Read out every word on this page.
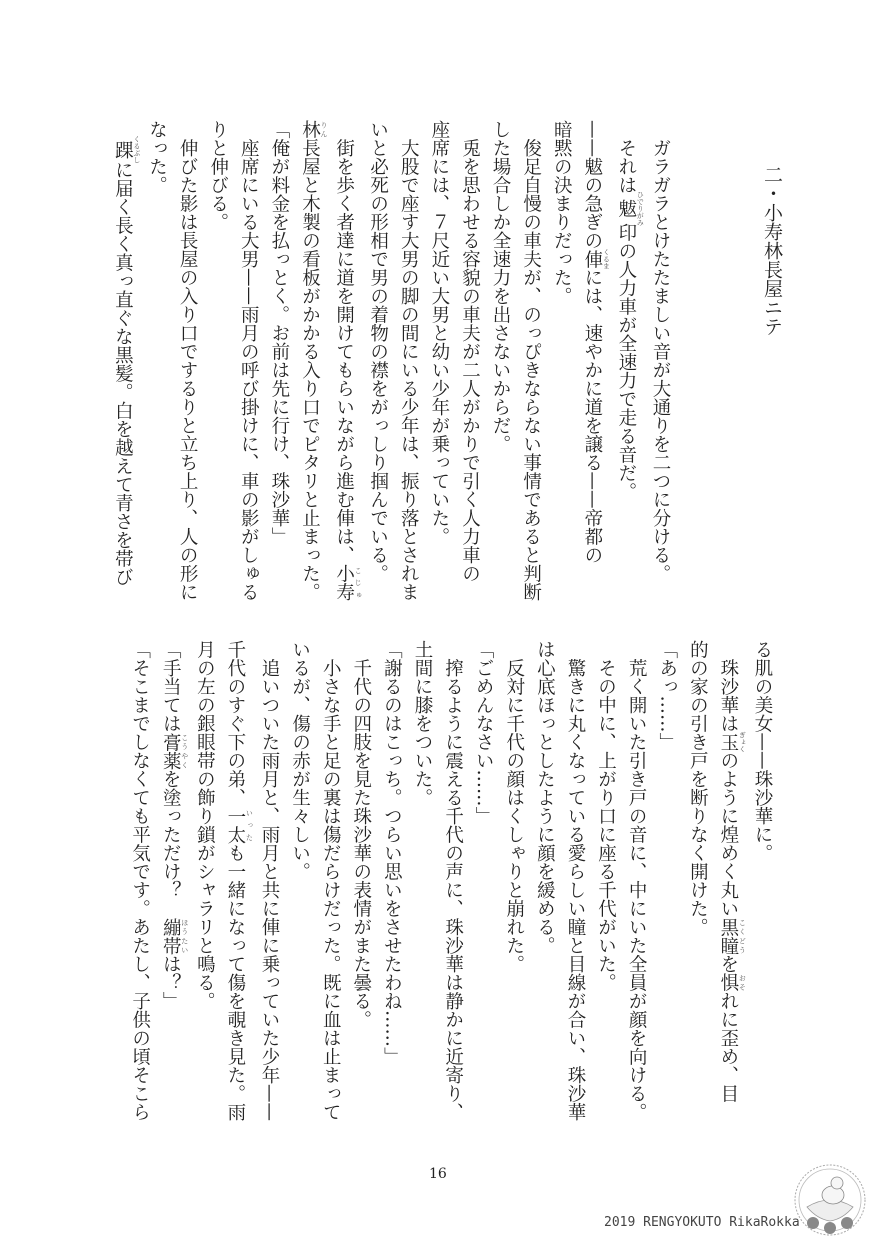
二・小寿林長屋ニテ
　ガラガラとけたたましい音が大通りを二つに分ける。
　それは魃 ひでりがみ印の人力車が全速力で走る音だ。
——魃の急ぎの俥 くるまには、速やかに道を譲る——帝都の
暗黙の決まりだった。
　俊足自慢の車夫が、のっぴきならない事情であると判断
した場合しか全速力を出さないからだ。
　兎を思わせる容貌の車夫が二人がかりで引く人力車の
座席には、７尺近い大男と幼い少年が乗っていた。
　大股で座す大男の脚の間にいる少年は、振り落とされま
いと必死の形相で男の着物の襟をがっしり掴んでいる。
　街を歩く者達に道を開けてもらいながら進む俥は、小寿 こじゅ
林 りん長屋と木製の看板がかかる入り口でピタリと止まった。
「俺が料金を払っとく。お前は先に行け、珠沙華」
　座席にいる大男——雨月の呼び掛けに、車の影がしゅる
りと伸びる。
　伸びた影は長屋の入り口でするりと立ち上り、人の形に
なった。
　踝 くるぶしに届く長く真っ直ぐな黒髪。白を越えて青さを帯び
る肌の美女——珠沙華に。
　珠沙華は玉 ぎょくのように煌めく丸い黒瞳 こくどうを惧 おそれに歪め、目
的の家の引き戸を断りなく開けた。
「あっ……」
　荒く開いた引き戸の音に、中にいた全員が顔を向ける。
　その中に、上がり口に座る千代がいた。
　驚きに丸くなっている愛らしい瞳と目線が合い、珠沙華
は心底ほっとしたように顔を緩める。
　反対に千代の顔はくしゃりと崩れた。
「ごめんなさい……」
　搾るように震える千代の声に、珠沙華は静かに近寄り、
土間に膝をついた。
「謝るのはこっち。つらい思いをさせたわね……」
　千代の四肢を見た珠沙華の表情がまた曇る。
　小さな手と足の裏は傷だらけだった。既に血は止まって
いるが、傷の赤が生々しい。
　追いついた雨月と、雨月と共に俥に乗っていた少年——
千代のすぐ下の弟、一太 いったも一緒になって傷を覗き見た。雨
月の左の銀眼帯の飾り鎖がシャラリと鳴る。
「手当ては膏薬 こうやくを塗っただけ？　繃帯 ほうたいは？」
「そこまでしなくても平気です。あたし、子供の頃そこら
16
2019 RENGYOKUTO RikaRokka
